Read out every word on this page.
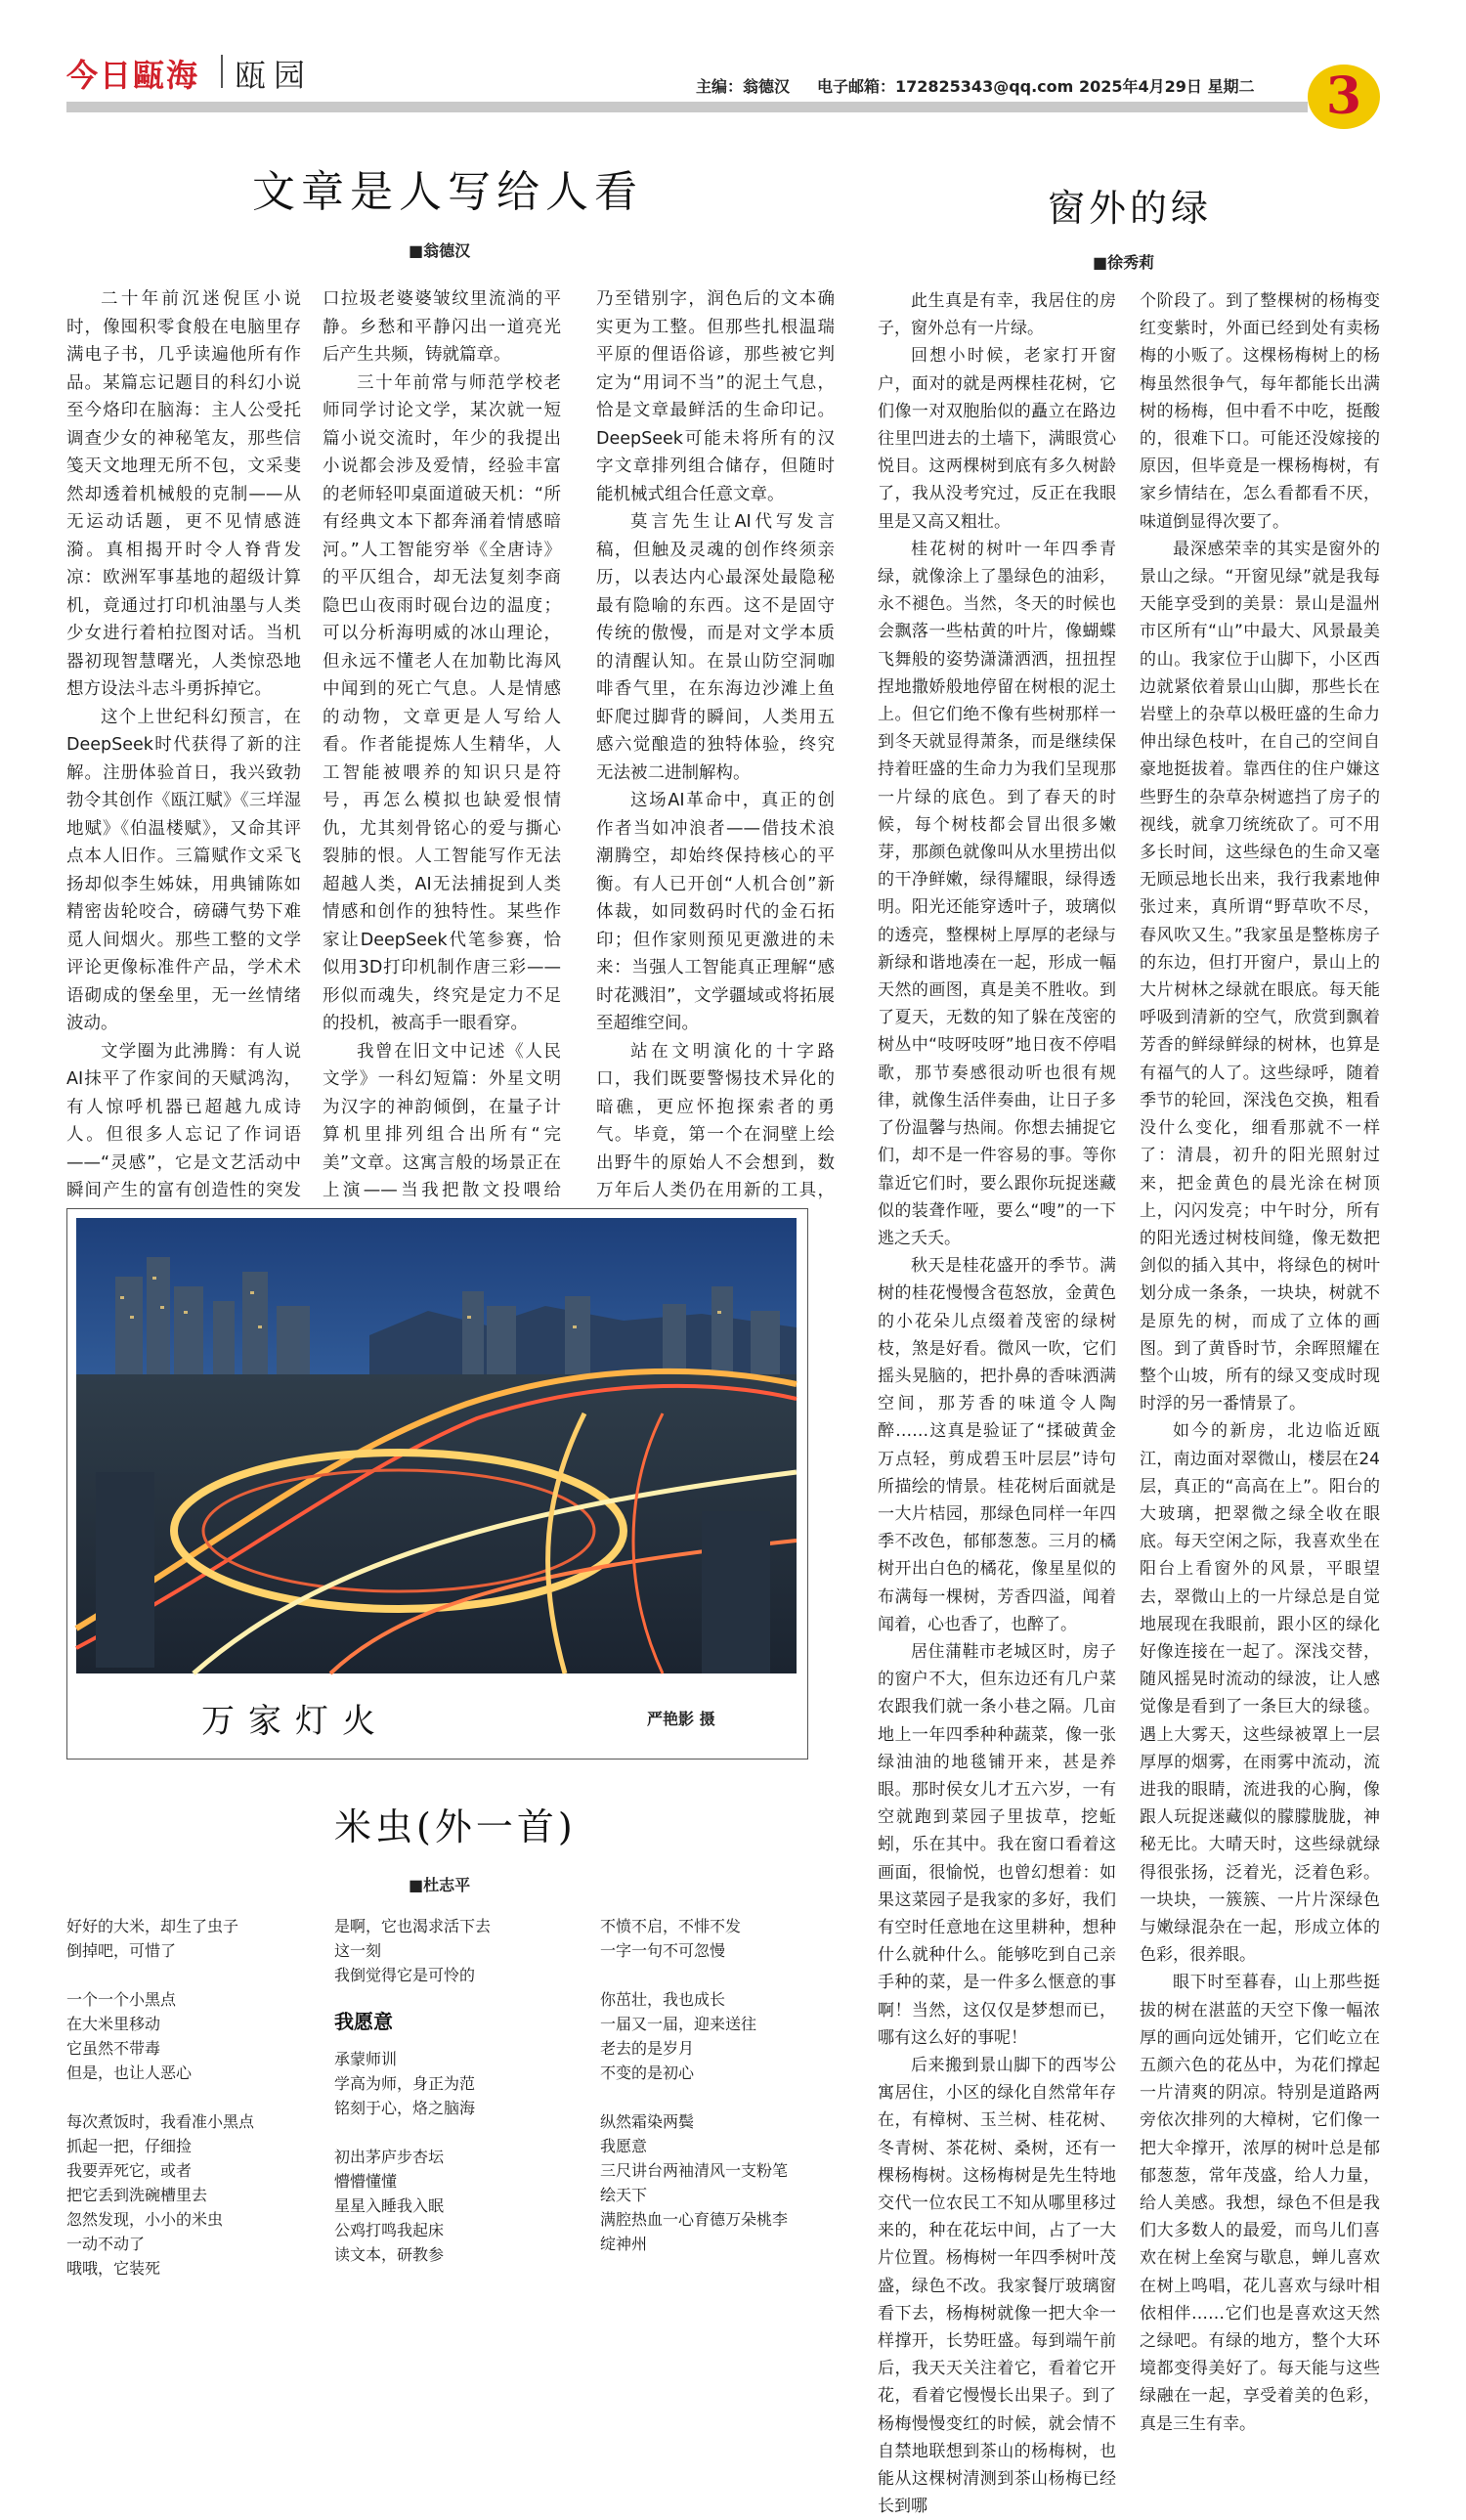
今日甌海 瓯园	主编：翁德汉 电子邮箱：172825343@qq.com 2025年4月29日 星期二 3
文章是人写给人看
■翁德汉

二十年前沉迷倪匡小说时，像囤积零食般在电脑里存满电子书，几乎读遍他所有作品。某篇忘记题目的科幻小说至今烙印在脑海：主人公受托调查少女的神秘笔友，那些信笺天文地理无所不包，文采斐然却透着机械般的克制——从无运动话题，更不见情感涟漪。真相揭开时令人脊背发凉：欧洲军事基地的超级计算机，竟通过打印机油墨与人类少女进行着柏拉图对话。当机器初现智慧曙光，人类惊恐地想方设法斗志斗勇拆掉它。

这个上世纪科幻预言，在DeepSeek时代获得了新的注解。注册体验首日，我兴致勃勃令其创作《瓯江赋》《三垟湿地赋》《伯温楼赋》，又命其评点本人旧作。三篇赋作文采飞扬却似李生姊妹，用典铺陈如精密齿轮咬合，磅礴气势下难觅人间烟火。那些工整的文学评论更像标准件产品，学术术语砌成的堡垒里，无一丝情绪波动。

文学圈为此沸腾：有人说AI抹平了作家间的天赋鸿沟，有人惊呼机器已超越九成诗人。但很多人忘记了作词语——“灵感”，它是文艺活动中瞬间产生的富有创造性的突发

口拉圾老婆婆皱纹里流淌的平静。乡愁和平静闪出一道亮光后产生共频，铸就篇章。

三十年前常与师范学校老师同学讨论文学，某次就一短篇小说交流时，年少的我提出小说都会涉及爱情，经验丰富的老师轻叩桌面道破天机：“所有经典文本下都奔涌着情感暗河。”人工智能穷举《全唐诗》的平仄组合，却无法复刻李商隐巴山夜雨时砚台边的温度；可以分析海明威的冰山理论，但永远不懂老人在加勒比海风中闻到的死亡气息。人是情感的动物，文章更是人写给人看。作者能提炼人生精华，人工智能被喂养的知识只是符号，再怎么模拟也缺爱恨情仇，尤其刻骨铭心的爱与撕心裂肺的恨。人工智能写作无法超越人类，AI无法捕捉到人类情感和创作的独特性。某些作家让DeepSeek代笔参赛，恰似用3D打印机制作唐三彩——形似而魂失，终究是定力不足的投机，被高手一眼看穿。

我曾在旧文中记述《人民文学》一科幻短篇：外星文明为汉字的神韵倾倒，在量子计算机里排列组合出所有“完美”文章。这寓言般的场景正在上演——当我把散文投喂给

乃至错别字，润色后的文本确实更为工整。但那些扎根温瑞平原的俚语俗谚，那些被它判定为“用词不当”的泥土气息，恰是文章最鲜活的生命印记。DeepSeek可能未将所有的汉字文章排列组合储存，但随时能机械式组合任意文章。

莫言先生让AI代写发言稿，但触及灵魂的创作终须亲历，以表达内心最深处最隐秘最有隐喻的东西。这不是固守传统的傲慢，而是对文学本质的清醒认知。在景山防空洞咖啡香气里，在东海边沙滩上鱼虾爬过脚背的瞬间，人类用五感六觉酿造的独特体验，终究无法被二进制解构。

这场AI革命中，真正的创作者当如冲浪者——借技术浪潮腾空，却始终保持核心的平衡。有人已开创“人机合创”新体裁，如同数码时代的金石拓印；但作家则预见更激进的未来：当强人工智能真正理解“感时花溅泪”，文学疆域或将拓展至超维空间。

站在文明演化的十字路口，我们既要警惕技术异化的暗礁，更应怀抱探索者的勇气。毕竟，第一个在洞壁上绘出野牛的原始人不会想到，数万年后人类仍在用新的工具，

窗外的绿
■徐秀莉

此生真是有幸，我居住的房子，窗外总有一片绿。

回想小时候，老家打开窗户，面对的就是两棵桂花树，它们像一对双胞胎似的矗立在路边往里凹进去的土墙下，满眼赏心悦目。这两棵树到底有多久树龄了，我从没考究过，反正在我眼里是又高又粗壮。

桂花树的树叶一年四季青绿，就像涂上了墨绿色的油彩，永不褪色。当然，冬天的时候也会飘落一些枯黄的叶片，像蝴蝶飞舞般的姿势潇潇洒洒，扭扭捏捏地撒娇般地停留在树根的泥土上。但它们绝不像有些树那样一到冬天就显得萧条，而是继续保持着旺盛的生命力为我们呈现那一片绿的底色。到了春天的时候，每个树枝都会冒出很多嫩芽，那颜色就像叫从水里捞出似的干净鲜嫩，绿得耀眼，绿得透明。阳光还能穿透叶子，玻璃似的透亮，整棵树上厚厚的老绿与新绿和谐地凑在一起，形成一幅天然的画图，真是美不胜收。到了夏天，无数的知了躲在茂密的树丛中“吱呀吱呀”地日夜不停唱歌，那节奏感很动听也很有规律，就像生活伴奏曲，让日子多了份温馨与热闹。你想去捕捉它们，却不是一件容易的事。等你靠近它们时，要么跟你玩捉迷藏似的装聋作哑，要么“嗖”的一下逃之夭夭。

秋天是桂花盛开的季节。满树的桂花慢慢含苞怒放，金黄色的小花朵儿点缀着茂密的绿树枝，煞是好看。微风一吹，它们摇头晃脑的，把扑鼻的香味洒满空间，那芳香的味道令人陶醉……这真是验证了“揉破黄金万点轻，剪成碧玉叶层层”诗句所描绘的情景。桂花树后面就是一大片桔园，那绿色同样一年四季不改色，郁郁葱葱。三月的橘树开出白色的橘花，像星星似的布满每一棵树，芳香四溢，闻着闻着，心也香了，也醉了。

居住蒲鞋市老城区时，房子的窗户不大，但东边还有几户菜农跟我们就一条小巷之隔。几亩地上一年四季种种蔬菜，像一张绿油油的地毯铺开来，甚是养眼。那时侯女儿才五六岁，一有空就跑到菜园子里拔草，挖蚯蚓，乐在其中。我在窗口看着这画面，很愉悦，也曾幻想着：如果这菜园子是我家的多好，我们有空时任意地在这里耕种，想种什么就种什么。能够吃到自己亲手种的菜，是一件多么惬意的事啊！当然，这仅仅是梦想而已，哪有这么好的事呢！

后来搬到景山脚下的西岑公寓居住，小区的绿化自然常年存在，有樟树、玉兰树、桂花树、冬青树、茶花树、桑树，还有一棵杨梅树。这杨梅树是先生特地交代一位农民工不知从哪里移过来的，种在花坛中间，占了一大片位置。杨梅树一年四季树叶茂盛，绿色不改。我家餐厅玻璃窗看下去，杨梅树就像一把大伞一样撑开，长势旺盛。每到端午前后，我天天关注着它，看着它开花，看着它慢慢长出果子。到了杨梅慢慢变红的时候，就会情不自禁地联想到茶山的杨梅树，也能从这棵树清测到茶山杨梅已经长到哪

个阶段了。到了整棵树的杨梅变红变紫时，外面已经到处有卖杨梅的小贩了。这棵杨梅树上的杨梅虽然很争气，每年都能长出满树的杨梅，但中看不中吃，挺酸的，很难下口。可能还没嫁接的原因，但毕竟是一棵杨梅树，有家乡情结在，怎么看都看不厌，味道倒显得次要了。

最深感荣幸的其实是窗外的景山之绿。“开窗见绿”就是我每天能享受到的美景：景山是温州市区所有“山”中最大、风景最美的山。我家位于山脚下，小区西边就紧依着景山山脚，那些长在岩壁上的杂草以极旺盛的生命力伸出绿色枝叶，在自己的空间自豪地挺拔着。靠西住的住户嫌这些野生的杂草杂树遮挡了房子的视线，就拿刀统统砍了。可不用多长时间，这些绿色的生命又毫无顾忌地长出来，我行我素地伸张过来，真所谓“野草吹不尽，春风吹又生。”我家虽是整栋房子的东边，但打开窗户，景山上的大片树林之绿就在眼底。每天能呼吸到清新的空气，欣赏到飘着芳香的鲜绿鲜绿的树林，也算是有福气的人了。这些绿呼，随着季节的轮回，深浅色交换，粗看没什么变化，细看那就不一样了：清晨，初升的阳光照射过来，把金黄色的晨光涂在树顶上，闪闪发亮；中午时分，所有的阳光透过树枝间缝，像无数把剑似的插入其中，将绿色的树叶划分成一条条，一块块，树就不是原先的树，而成了立体的画图。到了黄昏时节，余晖照耀在整个山坡，所有的绿又变成时现时浮的另一番情景了。

如今的新房，北边临近瓯江，南边面对翠微山，楼层在24层，真正的“高高在上”。阳台的大玻璃，把翠微之绿全收在眼底。每天空闲之际，我喜欢坐在阳台上看窗外的风景，平眼望去，翠微山上的一片绿总是自觉地展现在我眼前，跟小区的绿化好像连接在一起了。深浅交替，随风摇晃时流动的绿波，让人感觉像是看到了一条巨大的绿毯。遇上大雾天，这些绿被罩上一层厚厚的烟雾，在雨雾中流动，流进我的眼睛，流进我的心胸，像跟人玩捉迷藏似的朦朦胧胧，神秘无比。大晴天时，这些绿就绿得很张扬，泛着光，泛着色彩。一块块，一簇簇、一片片深绿色与嫩绿混杂在一起，形成立体的色彩，很养眼。

眼下时至暮春，山上那些挺拔的树在湛蓝的天空下像一幅浓厚的画向远处铺开，它们屹立在五颜六色的花丛中，为花们撑起一片清爽的阴凉。特别是道路两旁依次排列的大樟树，它们像一把大伞撑开，浓厚的树叶总是郁郁葱葱，常年茂盛，给人力量，给人美感。我想，绿色不但是我们大多数人的最爱，而鸟儿们喜欢在树上垒窝与歇息，蝉儿喜欢在树上鸣唱，花儿喜欢与绿叶相依相伴……它们也是喜欢这天然之绿吧。有绿的地方，整个大环境都变得美好了。每天能与这些绿融在一起，享受着美的色彩，真是三生有幸。

万家灯火	严艳影 摄
米虫(外一首)
■杜志平
好好的大米，却生了虫子
倒掉吧，可惜了

一个一个小黑点
在大米里移动
它虽然不带毒
但是，也让人恶心

每次煮饭时，我看准小黑点
抓起一把，仔细捡
我要弄死它，或者
把它丢到洗碗槽里去
忽然发现，小小的米虫
一动不动了
哦哦，它装死
是啊，它也渴求活下去
这一刻
我倒觉得它是可怜的
我愿意
承蒙师训
学高为师，身正为范
铭刻于心，烙之脑海

初出茅庐步杏坛
懵懵懂懂
星星入睡我入眠
公鸡打鸣我起床
读文本，研教参
不愤不启，不悱不发
一字一句不可忽慢

你茁壮，我也成长
一届又一届，迎来送往
老去的是岁月
不变的是初心

纵然霜染两鬓
我愿意
三尺讲台两袖清风一支粉笔
绘天下
满腔热血一心育德万朵桃李
绽神州
